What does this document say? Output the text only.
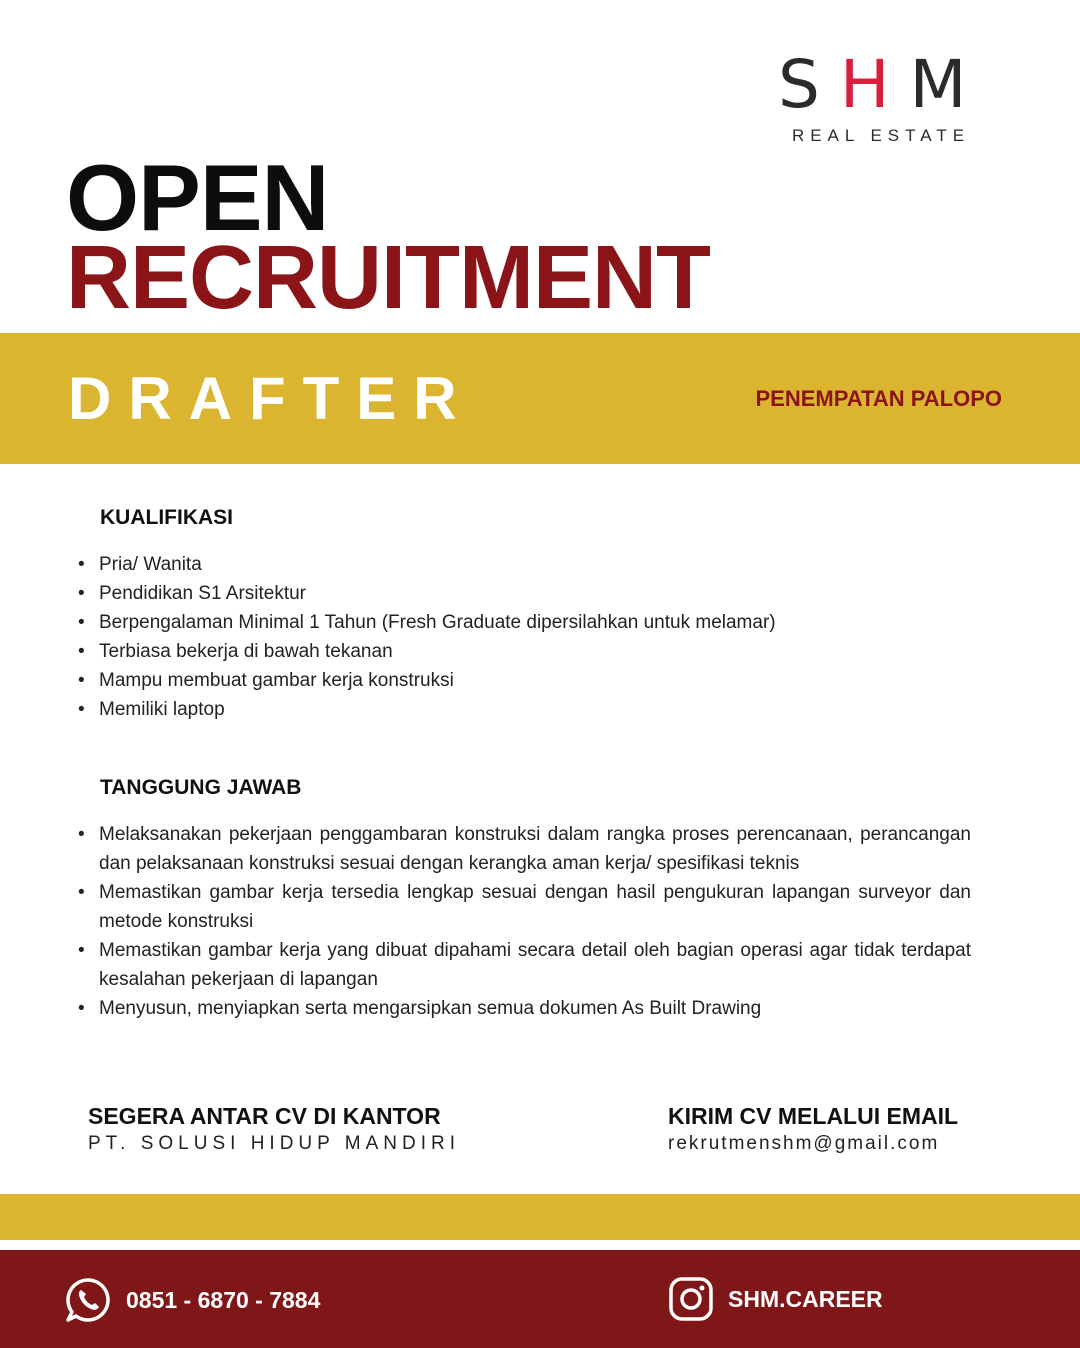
SHM
REAL ESTATE
OPEN
RECRUITMENT
DRAFTER	PENEMPATAN PALOPO
KUALIFIKASI
• Pria/ Wanita
• Pendidikan S1 Arsitektur
• Berpengalaman Minimal 1 Tahun (Fresh Graduate dipersilahkan untuk melamar)
• Terbiasa bekerja di bawah tekanan
• Mampu membuat gambar kerja konstruksi
• Memiliki laptop
TANGGUNG JAWAB
• Melaksanakan pekerjaan penggambaran konstruksi dalam rangka proses perencanaan, perancangan dan pelaksanaan konstruksi sesuai dengan kerangka aman kerja/ spesifikasi teknis
• Memastikan gambar kerja tersedia lengkap sesuai dengan hasil pengukuran lapangan surveyor dan metode konstruksi
• Memastikan gambar kerja yang dibuat dipahami secara detail oleh bagian operasi agar tidak terdapat kesalahan pekerjaan di lapangan
• Menyusun, menyiapkan serta mengarsipkan semua dokumen As Built Drawing
SEGERA ANTAR CV DI KANTOR
PT. SOLUSI HIDUP MANDIRI
KIRIM CV MELALUI EMAIL
rekrutmenshm@gmail.com
0851 - 6870 - 7884	SHM.CAREER
